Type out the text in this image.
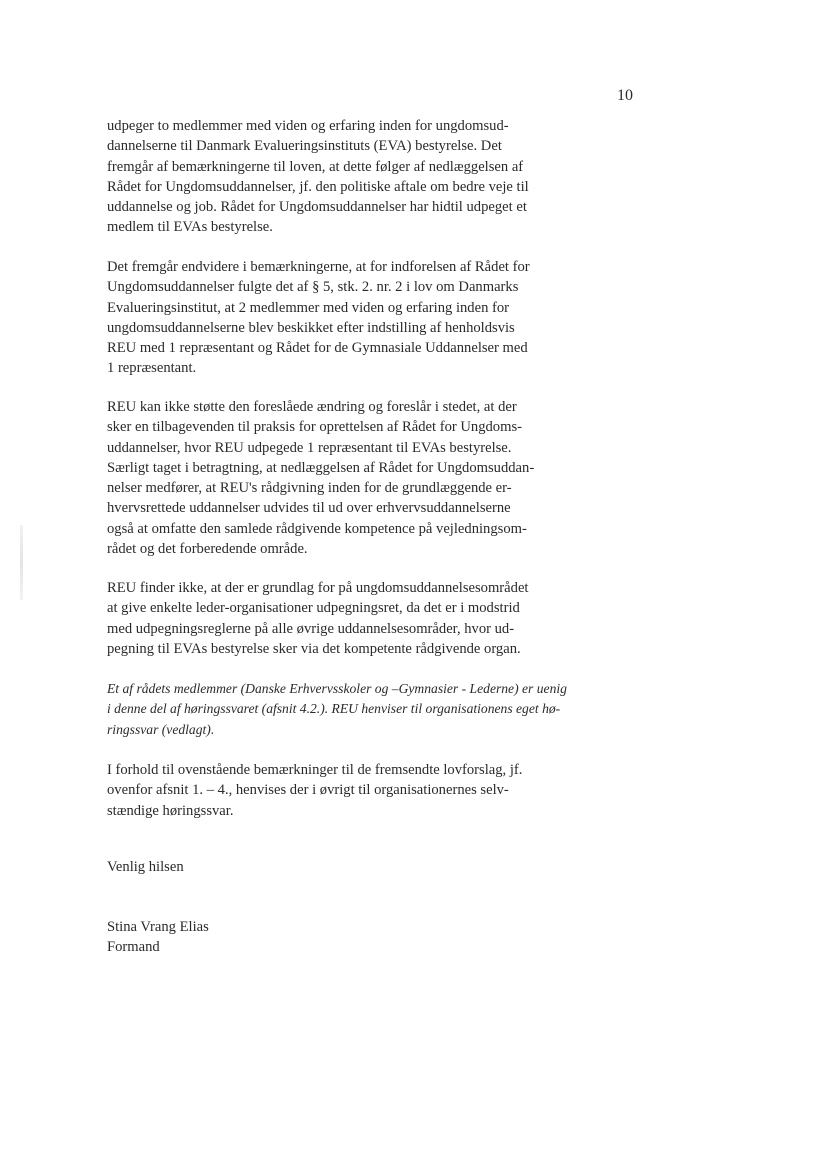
10
udpeger to medlemmer med viden og erfaring inden for ungdomsud-
dannelserne til Danmark Evalueringsinstituts (EVA) bestyrelse. Det
fremgår af bemærkningerne til loven, at dette følger af nedlæggelsen af
Rådet for Ungdomsuddannelser, jf. den politiske aftale om bedre veje til
uddannelse og job. Rådet for Ungdomsuddannelser har hidtil udpeget et
medlem til EVAs bestyrelse.
Det fremgår endvidere i bemærkningerne, at for indforelsen af Rådet for
Ungdomsuddannelser fulgte det af § 5, stk. 2. nr. 2 i lov om Danmarks
Evalueringsinstitut, at 2 medlemmer med viden og erfaring inden for
ungdomsuddannelserne blev beskikket efter indstilling af henholdsvis
REU med 1 repræsentant og Rådet for de Gymnasiale Uddannelser med
1 repræsentant.
REU kan ikke støtte den foreslåede ændring og foreslår i stedet, at der
sker en tilbagevenden til praksis for oprettelsen af Rådet for Ungdoms-
uddannelser, hvor REU udpegede 1 repræsentant til EVAs bestyrelse.
Særligt taget i betragtning, at nedlæggelsen af Rådet for Ungdomsuddan-
nelser medfører, at REU's rådgivning inden for de grundlæggende er-
hvervsrettede uddannelser udvides til ud over erhvervsuddannelserne
også at omfatte den samlede rådgivende kompetence på vejledningsom-
rådet og det forberedende område.
REU finder ikke, at der er grundlag for på ungdomsuddannelsesområdet
at give enkelte leder-organisationer udpegningsret, da det er i modstrid
med udpegningsreglerne på alle øvrige uddannelsesområder, hvor ud-
pegning til EVAs bestyrelse sker via det kompetente rådgivende organ.
Et af rådets medlemmer (Danske Erhvervsskoler og –Gymnasier - Lederne) er uenig
i denne del af høringssvaret (afsnit 4.2.). REU henviser til organisationens eget hø-
ringssvar (vedlagt).
I forhold til ovenstående bemærkninger til de fremsendte lovforslag, jf.
ovenfor afsnit 1. – 4., henvises der i øvrigt til organisationernes selv-
stændige høringssvar.
Venlig hilsen
Stina Vrang Elias
Formand
